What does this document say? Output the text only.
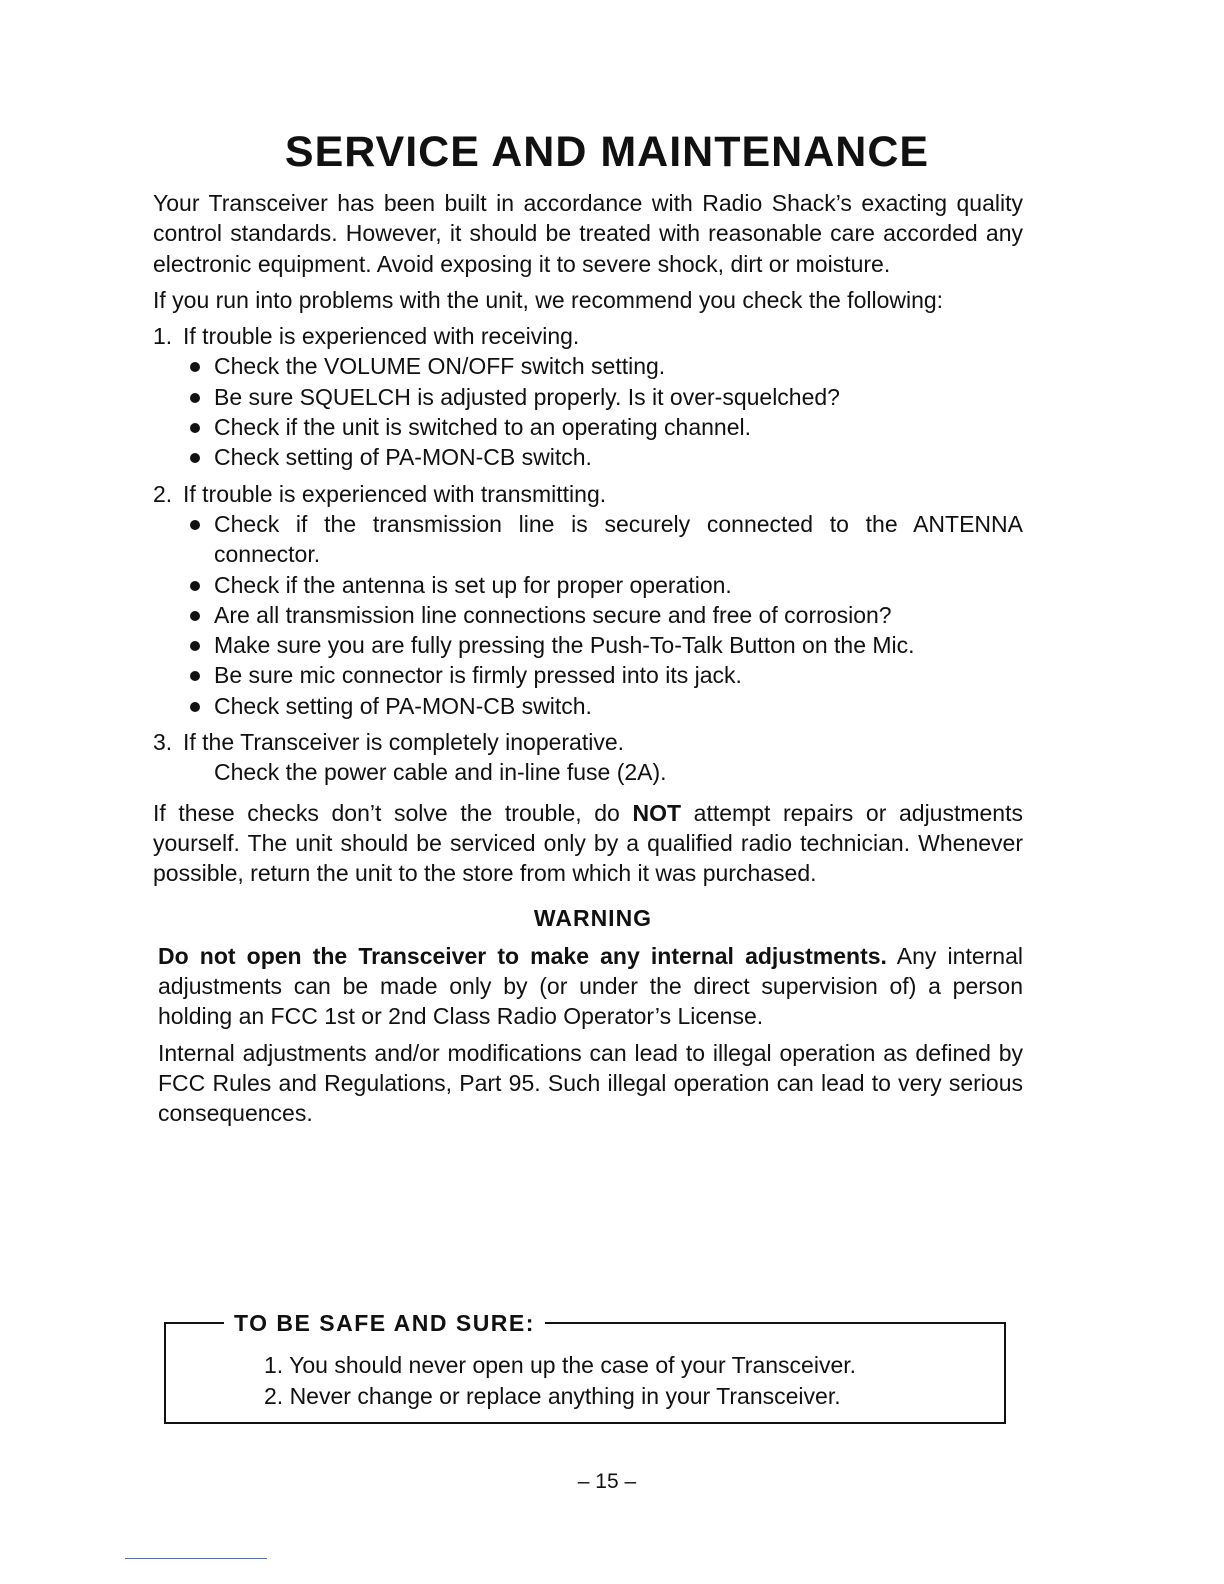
SERVICE AND MAINTENANCE

Your Transceiver has been built in accordance with Radio Shack’s exacting quality control standards. However, it should be treated with reasonable care accorded any electronic equipment. Avoid exposing it to severe shock, dirt or moisture.

If you run into problems with the unit, we recommend you check the following:

1. If trouble is experienced with receiving.
Check the VOLUME ON/OFF switch setting.
Be sure SQUELCH is adjusted properly. Is it over-squelched?
Check if the unit is switched to an operating channel.
Check setting of PA-MON-CB switch.
2. If trouble is experienced with transmitting.
Check if the transmission line is securely connected to the ANTENNA connector.
Check if the antenna is set up for proper operation.
Are all transmission line connections secure and free of corrosion?
Make sure you are fully pressing the Push-To-Talk Button on the Mic.
Be sure mic connector is firmly pressed into its jack.
Check setting of PA-MON-CB switch.
3. If the Transceiver is completely inoperative.
Check the power cable and in-line fuse (2A).

If these checks don’t solve the trouble, do NOT attempt repairs or adjustments yourself. The unit should be serviced only by a qualified radio technician. Whenever possible, return the unit to the store from which it was purchased.

WARNING

Do not open the Transceiver to make any internal adjustments. Any internal adjustments can be made only by (or under the direct supervision of) a person holding an FCC 1st or 2nd Class Radio Operator’s License.

Internal adjustments and/or modifications can lead to illegal operation as defined by FCC Rules and Regulations, Part 95. Such illegal operation can lead to very serious consequences.

TO BE SAFE AND SURE:
1. You should never open up the case of your Transceiver.
2. Never change or replace anything in your Transceiver.
– 15 –
